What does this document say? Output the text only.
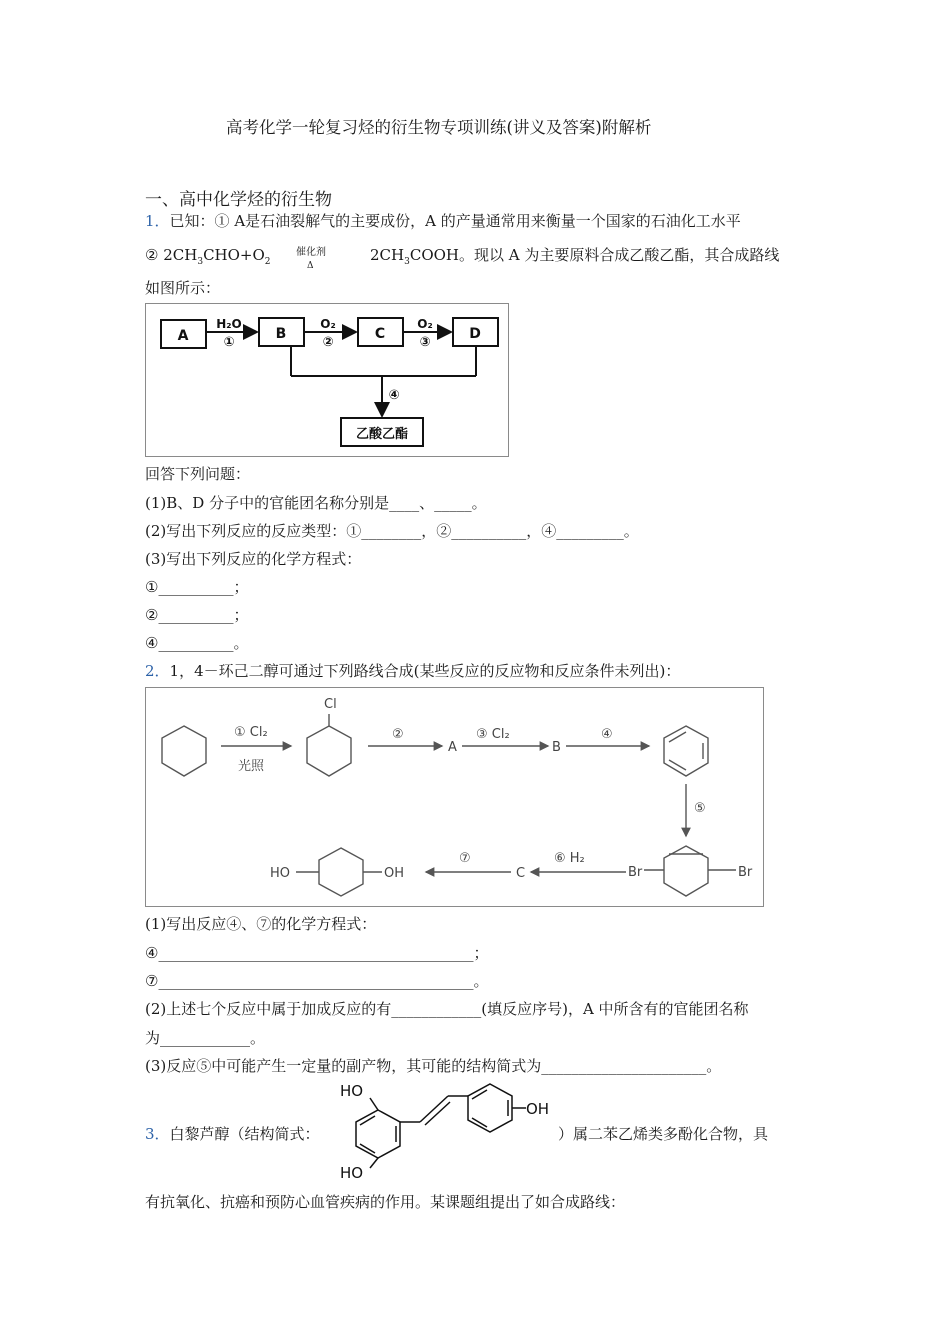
高考化学一轮复习烃的衍生物专项训练(讲义及答案)附解析
一、高中化学烃的衍生物
1．已知：① A是石油裂解气的主要成份，A 的产量通常用来衡量一个国家的石油化工水平
② $2CH_3CHO+O_2$
催化剂
Δ
$2CH_3COOH$。现以 A 为主要原料合成乙酸乙酯，其合成路线
如图所示：
A	B	C	D
乙酸乙酯
H₂O
①
O₂
②
O₂
③
④
回答下列问题：
(1)B、D 分子中的官能团名称分别是____、_____。
(2)写出下列反应的反应类型：①________，②__________，④_________。
(3)写出下列反应的化学方程式：
①__________；
②__________；
④__________。
2．1，4－环己二醇可通过下列路线合成(某些反应的反应物和反应条件未列出)：
① Cl₂
光照
Cl
②
A
③ Cl₂
B
④
⑤
Br	Br
⑥ H₂
C
⑦
HO	OH
(1)写出反应④、⑦的化学方程式：
④__________________________________________；
⑦__________________________________________。
(2)上述七个反应中属于加成反应的有____________(填反应序号)，A 中所含有的官能团名称
为____________。
(3)反应⑤中可能产生一定量的副产物，其可能的结构简式为______________________。
3．白黎芦醇（结构简式：
HO
HO
OH
）属二苯乙烯类多酚化合物，具
有抗氧化、抗癌和预防心血管疾病的作用。某课题组提出了如合成路线：
